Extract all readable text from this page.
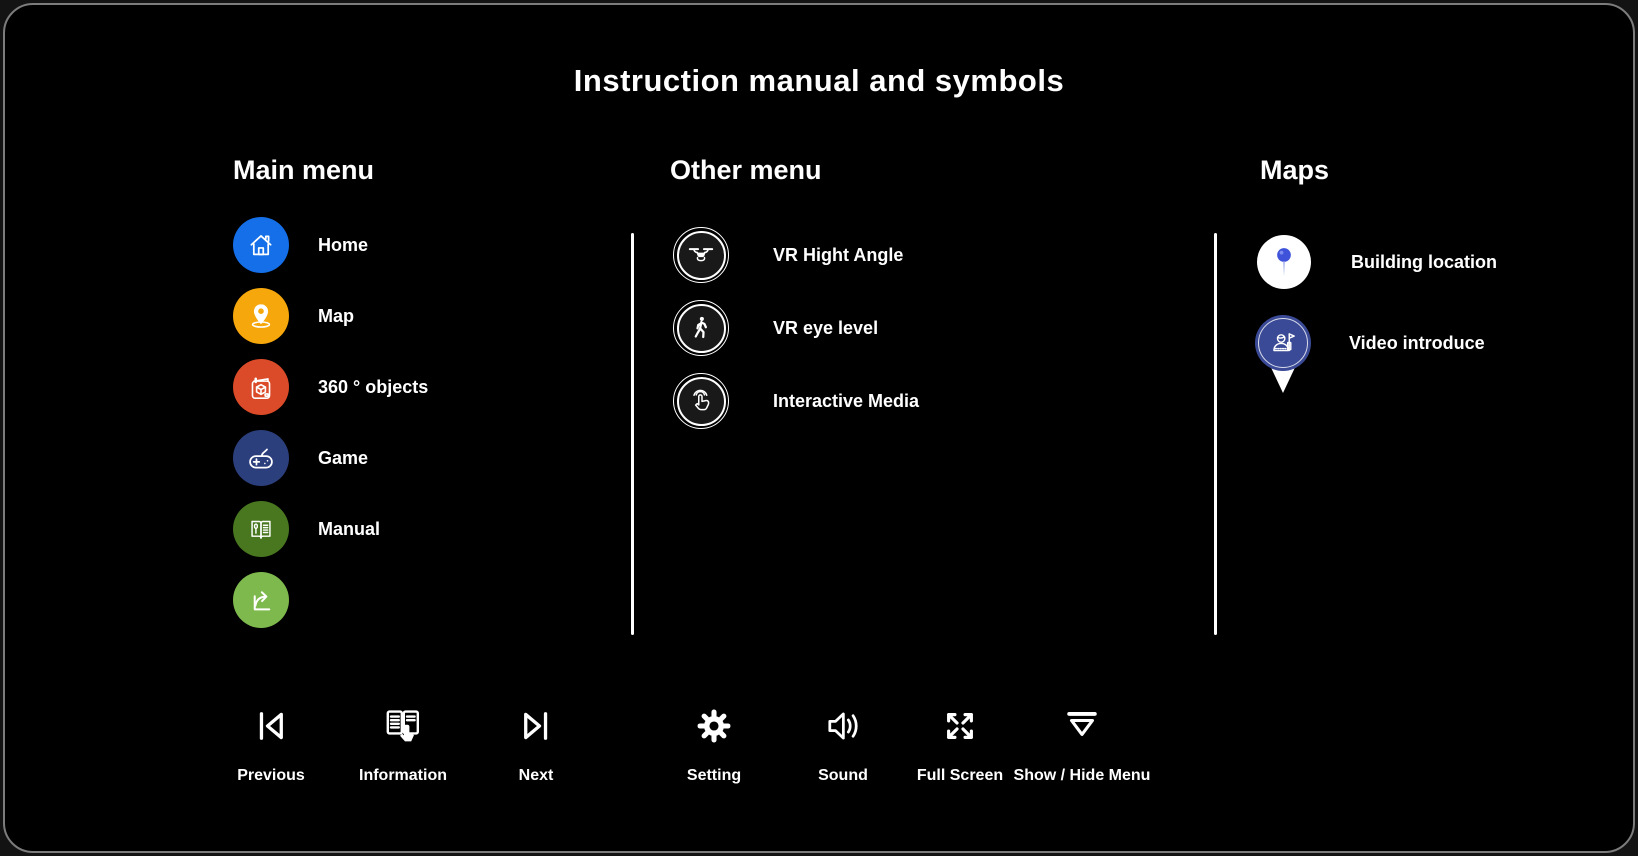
Instruction manual and symbols
Main menu	Other menu	Maps
Home
Map
360 ° objects
Game
Manual
VR Hight Angle
VR eye level
Interactive Media
Building location
Video introduce
Previous	Information	Next	Setting	Sound	Full Screen Show / Hide Menu
